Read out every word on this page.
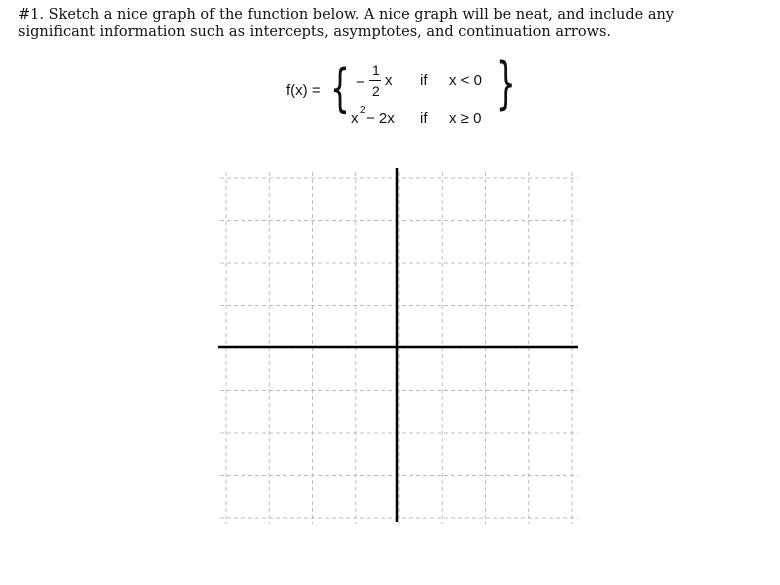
#1. Sketch a nice graph of the function below. A nice graph will be neat, and include any
significant information such as intercepts, asymptotes, and continuation arrows.

f(x) = { −
1
2
x if x < 0
x 2 − 2x if x ≥ 0
}
